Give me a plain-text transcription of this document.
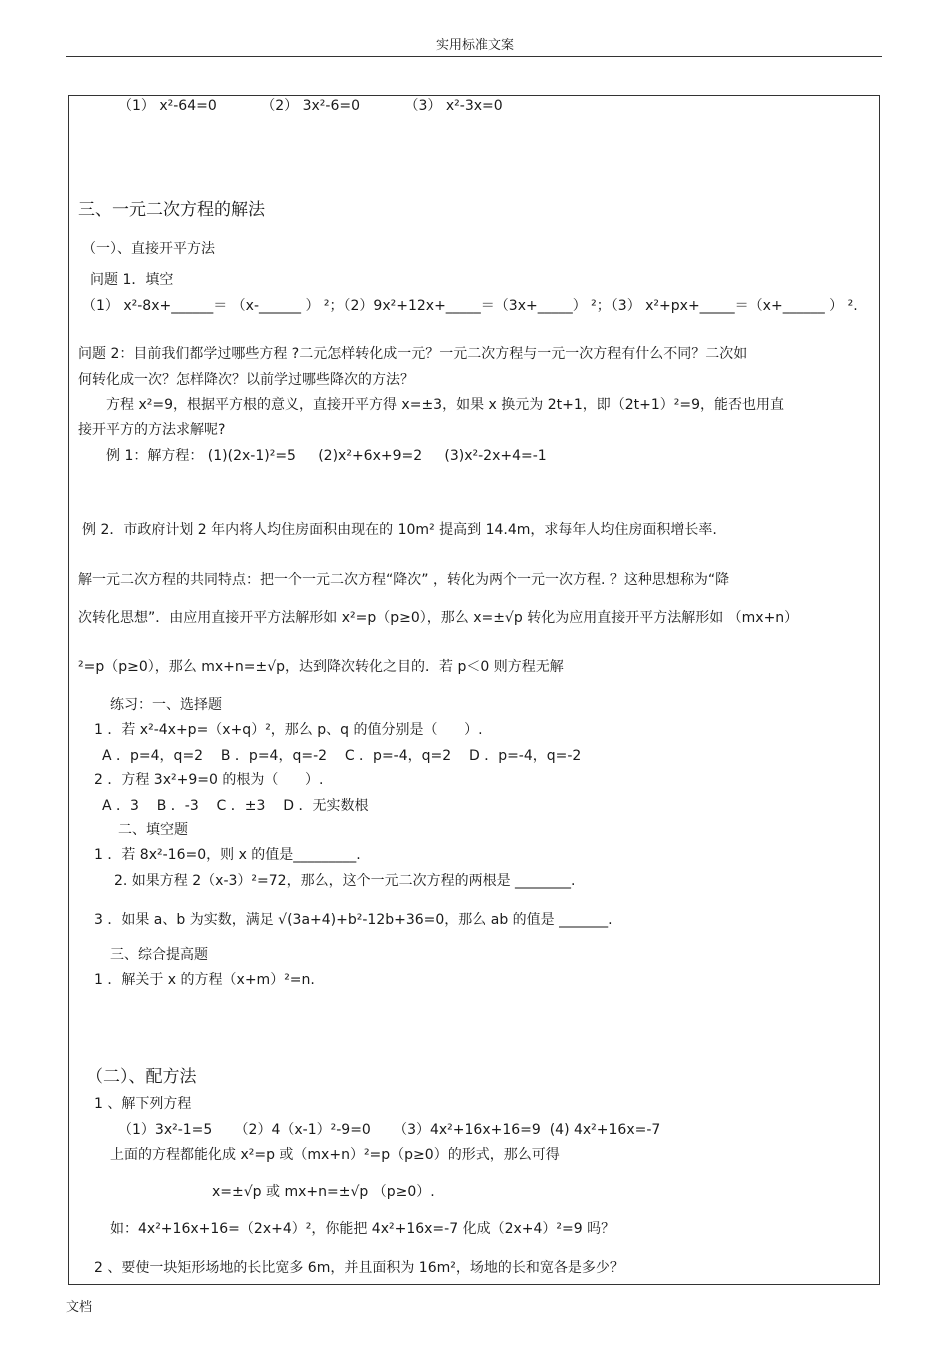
实用标准文案
（1） x²-64=0          （2） 3x²-6=0          （3） x²-3x=0
三、一元二次方程的解法
（一）、直接开平方法
问题 1．填空
（1） x²-8x+______＝ （x-______ ） ²；（2）9x²+12x+_____＝（3x+_____） ²；（3） x²+px+_____＝（x+______ ） ².
问题 2：目前我们都学过哪些方程 ?二元怎样转化成一元？一元二次方程与一元一次方程有什么不同？二次如
何转化成一次？怎样降次？以前学过哪些降次的方法？
方程 x²=9，根据平方根的意义，直接开平方得 x=±3，如果 x 换元为 2t+1，即（2t+1）²=9，能否也用直
接开平方的方法求解呢?
例 1：解方程： (1)(2x-1)²=5     (2)x²+6x+9=2     (3)x²-2x+4=-1
例 2．市政府计划 2 年内将人均住房面积由现在的 10m² 提高到 14.4m，求每年人均住房面积增长率.
解一元二次方程的共同特点：把一个一元二次方程“降次” ，转化为两个一元一次方程. ？这种思想称为“降
次转化思想”．由应用直接开平方法解形如 x²=p（p≥0），那么 x=±√p 转化为应用直接开平方法解形如 （mx+n）
²=p（p≥0），那么 mx+n=±√p，达到降次转化之目的．若 p＜0 则方程无解
练习：一、选择题
1 ．若 x²-4x+p=（x+q）²，那么 p、q 的值分别是（      ）.
A ．p=4，q=2    B ．p=4，q=-2    C ．p=-4，q=2    D ．p=-4，q=-2
2 ．方程 3x²+9=0 的根为（      ）.
A ．3    B ．-3    C ．±3    D ．无实数根
二、填空题
1 ．若 8x²-16=0，则 x 的值是_________.
2. 如果方程 2（x-3）²=72，那么，这个一元二次方程的两根是 ________.
3 ．如果 a、b 为实数，满足 √(3a+4)+b²-12b+36=0，那么 ab 的值是 _______.
三、综合提高题
1 ．解关于 x 的方程（x+m）²=n.
（二）、配方法
1 、解下列方程
（1）3x²-1=5     （2）4（x-1）²-9=0     （3）4x²+16x+16=9  (4) 4x²+16x=-7
上面的方程都能化成 x²=p 或（mx+n）²=p（p≥0）的形式，那么可得
x=±√p 或 mx+n=±√p （p≥0）.
如：4x²+16x+16=（2x+4）²，你能把 4x²+16x=-7 化成（2x+4）²=9 吗？
2 、要使一块矩形场地的长比宽多 6m，并且面积为 16m²，场地的长和宽各是多少？
文档
